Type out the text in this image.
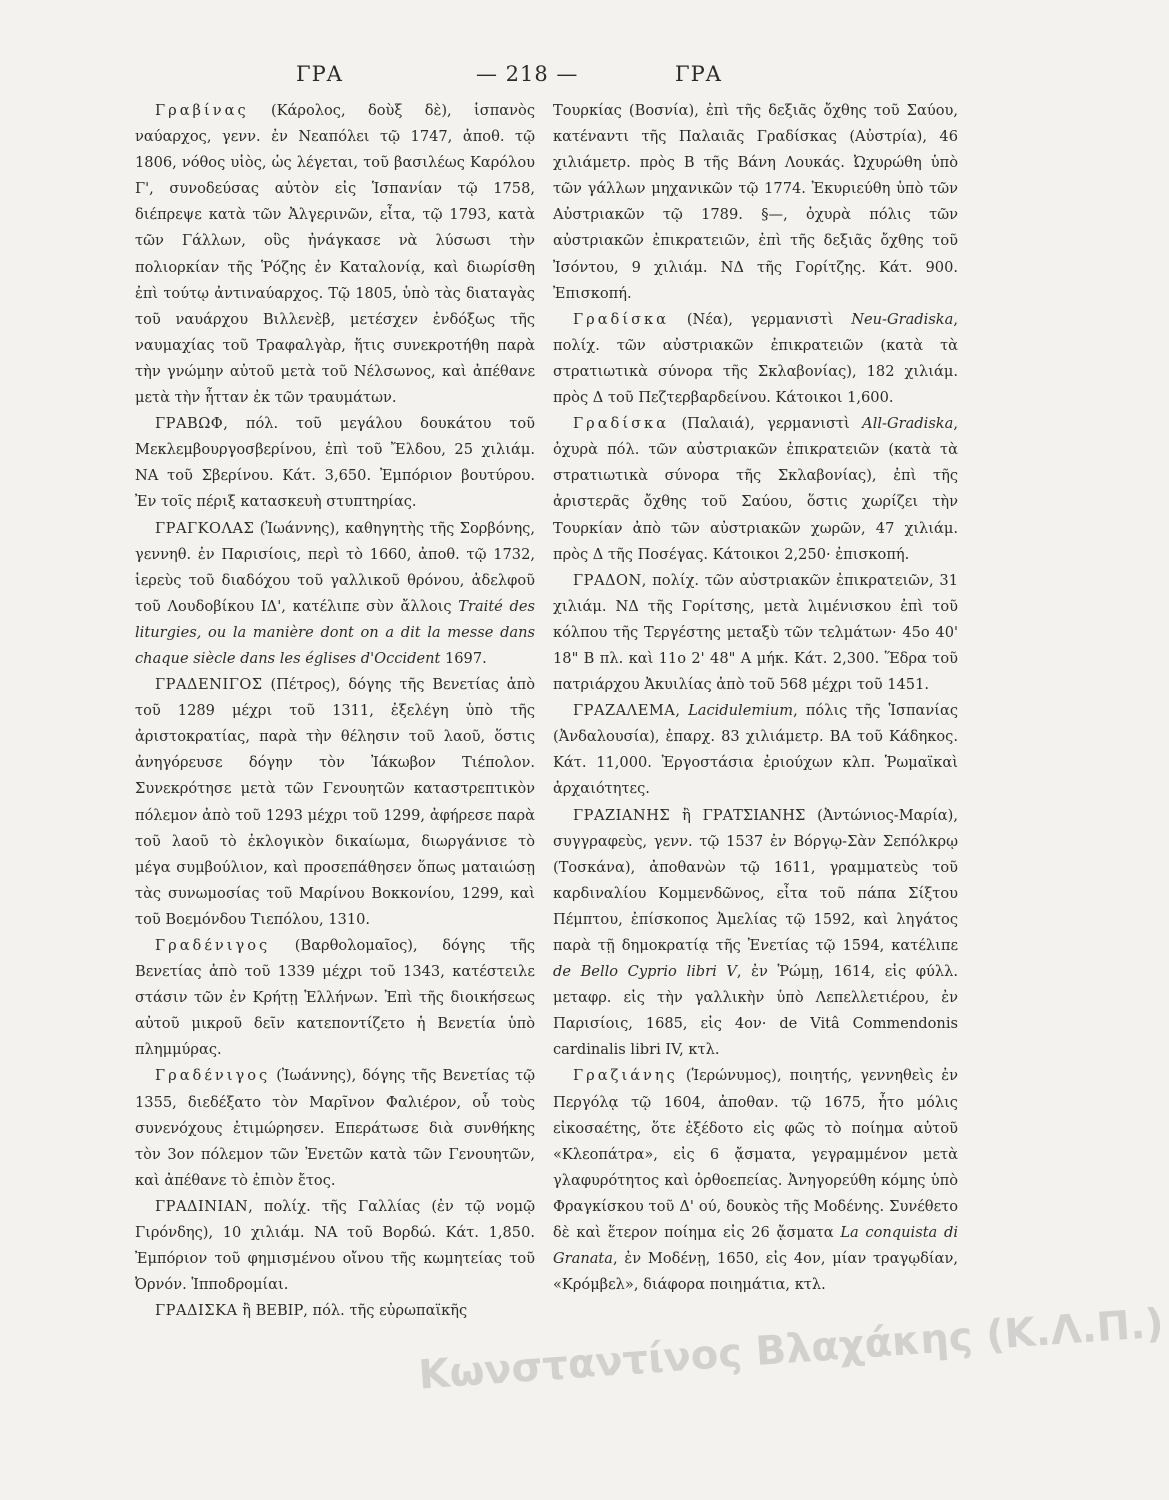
ΓΡΑ	— 218 —	ΓΡΑ

Γραβίνας (Κάρολος, δοὺξ δὲ), ἱσπανὸς ναύαρχος, γενν. ἐν Νεαπόλει τῷ 1747, ἀποθ. τῷ 1806, νόθος υἱὸς, ὡς λέγεται, τοῦ βασιλέως Καρόλου Γ', συνοδεύσας αὐτὸν εἰς Ἱσπανίαν τῷ 1758, διέπρεψε κατὰ τῶν Ἀλγερινῶν, εἶτα, τῷ 1793, κατὰ τῶν Γάλλων, οὓς ἠνάγκασε νὰ λύσωσι τὴν πολιορκίαν τῆς Ῥόζης ἐν Καταλονίᾳ, καὶ διωρίσθη ἐπὶ τούτῳ ἀντιναύαρχος. Τῷ 1805, ὑπὸ τὰς διαταγὰς τοῦ ναυάρχου Βιλλενὲβ, μετέσχεν ἐνδόξως τῆς ναυμαχίας τοῦ Τραφαλγὰρ, ἥτις συνεκροτήθη παρὰ τὴν γνώμην αὐτοῦ μετὰ τοῦ Νέλσωνος, καὶ ἀπέθανε μετὰ τὴν ἧτταν ἐκ τῶν τραυμάτων.

ΓΡΑΒΩΦ, πόλ. τοῦ μεγάλου δουκάτου τοῦ Μεκλεμβουργοσβερίνου, ἐπὶ τοῦ Ἔλδου, 25 χιλιάμ. ΝΑ τοῦ Σβερίνου. Κάτ. 3,650. Ἐμπόριον βουτύρου. Ἐν τοῖς πέριξ κατασκευὴ στυπτηρίας.

ΓΡΑΓΚΟΛΑΣ (Ἰωάννης), καθηγητὴς τῆς Σορβόνης, γεννηθ. ἐν Παρισίοις, περὶ τὸ 1660, ἀποθ. τῷ 1732, ἱερεὺς τοῦ διαδόχου τοῦ γαλλικοῦ θρόνου, ἀδελφοῦ τοῦ Λουδοβίκου ΙΔ', κατέλιπε σὺν ἄλλοις Traité des liturgies, ou la manière dont on a dit la messe dans chaque siècle dans les églises d'Occident 1697.

ΓΡΑΔΕΝΙΓΟΣ (Πέτρος), δόγης τῆς Βενετίας ἀπὸ τοῦ 1289 μέχρι τοῦ 1311, ἐξελέγη ὑπὸ τῆς ἀριστοκρατίας, παρὰ τὴν θέλησιν τοῦ λαοῦ, ὅστις ἀνηγόρευσε δόγην τὸν Ἰάκωβον Τιέπολον. Συνεκρότησε μετὰ τῶν Γενουητῶν καταστρεπτικὸν πόλεμον ἀπὸ τοῦ 1293 μέχρι τοῦ 1299, ἀφήρεσε παρὰ τοῦ λαοῦ τὸ ἐκλογικὸν δικαίωμα, διωργάνισε τὸ μέγα συμβούλιον, καὶ προσεπάθησεν ὅπως ματαιώσῃ τὰς συνωμοσίας τοῦ Μαρίνου Βοκκονίου, 1299, καὶ τοῦ Βοεμόνδου Τιεπόλου, 1310.

Γραδένιγος (Βαρθολομαῖος), δόγης τῆς Βενετίας ἀπὸ τοῦ 1339 μέχρι τοῦ 1343, κατέστειλε στάσιν τῶν ἐν Κρήτῃ Ἑλλήνων. Ἐπὶ τῆς διοικήσεως αὐτοῦ μικροῦ δεῖν κατεποντίζετο ἡ Βενετία ὑπὸ πλημμύρας.

Γραδένιγος (Ἰωάννης), δόγης τῆς Βενετίας τῷ 1355, διεδέξατο τὸν Μαρῖνον Φαλιέρον, οὗ τοὺς συνενόχους ἐτιμώρησεν. Επεράτωσε διὰ συνθήκης τὸν 3ον πόλεμον τῶν Ἐνετῶν κατὰ τῶν Γενουητῶν, καὶ ἀπέθανε τὸ ἐπιὸν ἔτος.

ΓΡΑΔΙΝΙΑΝ, πολίχ. τῆς Γαλλίας (ἐν τῷ νομῷ Γιρόνδης), 10 χιλιάμ. ΝΑ τοῦ Βορδώ. Κάτ. 1,850. Ἐμπόριον τοῦ φημισμένου οἴνου τῆς κωμητείας τοῦ Ὀρνόν. Ἱπποδρομίαι.

ΓΡΑΔΙΣΚΑ ἢ ΒΕΒΙΡ, πόλ. τῆς εὐρωπαϊκῆς

Τουρκίας (Βοσνία), ἐπὶ τῆς δεξιᾶς ὄχθης τοῦ Σαύου, κατέναντι τῆς Παλαιᾶς Γραδίσκας (Αὐστρία), 46 χιλιάμετρ. πρὸς Β τῆς Βάνη Λουκάς. Ὠχυρώθη ὑπὸ τῶν γάλλων μηχανικῶν τῷ 1774. Ἐκυριεύθη ὑπὸ τῶν Αὐστριακῶν τῷ 1789. §—, ὀχυρὰ πόλις τῶν αὐστριακῶν ἐπικρατειῶν, ἐπὶ τῆς δεξιᾶς ὄχθης τοῦ Ἰσόντου, 9 χιλιάμ. ΝΔ τῆς Γορίτζης. Κάτ. 900. Ἐπισκοπή.

Γραδίσκα (Νέα), γερμανιστὶ Neu-Gradiska, πολίχ. τῶν αὐστριακῶν ἐπικρατειῶν (κατὰ τὰ στρατιωτικὰ σύνορα τῆς Σκλαβονίας), 182 χιλιάμ. πρὸς Δ τοῦ Πεζτερβαρδείνου. Κάτοικοι 1,600.

Γραδίσκα (Παλαιά), γερμανιστὶ All-Gradiska, ὀχυρὰ πόλ. τῶν αὐστριακῶν ἐπικρατειῶν (κατὰ τὰ στρατιωτικὰ σύνορα τῆς Σκλαβονίας), ἐπὶ τῆς ἀριστερᾶς ὄχθης τοῦ Σαύου, ὅστις χωρίζει τὴν Τουρκίαν ἀπὸ τῶν αὐστριακῶν χωρῶν, 47 χιλιάμ. πρὸς Δ τῆς Ποσέγας. Κάτοικοι 2,250· ἐπισκοπή.

ΓΡΑΔΟΝ, πολίχ. τῶν αὐστριακῶν ἐπικρατειῶν, 31 χιλιάμ. ΝΔ τῆς Γορίτσης, μετὰ λιμένισκου ἐπὶ τοῦ κόλπου τῆς Τεργέστης μεταξὺ τῶν τελμάτων· 45ο 40' 18" Β πλ. καὶ 11ο 2' 48" Α μήκ. Κάτ. 2,300. Ἕδρα τοῦ πατριάρχου Ἀκυιλίας ἀπὸ τοῦ 568 μέχρι τοῦ 1451.

ΓΡΑΖΑΛΕΜΑ, Lacidulemium, πόλις τῆς Ἱσπανίας (Ἀνδαλουσία), ἐπαρχ. 83 χιλιάμετρ. ΒΑ τοῦ Κάδηκος. Κάτ. 11,000. Ἐργοστάσια ἐριούχων κλπ. Ῥωμαϊκαὶ ἀρχαιότητες.

ΓΡΑΖΙΑΝΗΣ ἢ ΓΡΑΤΣΙΑΝΗΣ (Ἀντώνιος-Μαρία), συγγραφεὺς, γενν. τῷ 1537 ἐν Βόργῳ-Σὰν Σεπόλκρῳ (Τοσκάνα), ἀποθανὼν τῷ 1611, γραμματεὺς τοῦ καρδιναλίου Κομμενδῶνος, εἶτα τοῦ πάπα Σίξτου Πέμπτου, ἐπίσκοπος Ἀμελίας τῷ 1592, καὶ ληγάτος παρὰ τῇ δημοκρατίᾳ τῆς Ἐνετίας τῷ 1594, κατέλιπε de Bello Cyprio libri V, ἐν Ῥώμῃ, 1614, εἰς φύλλ. μεταφρ. εἰς τὴν γαλλικὴν ὑπὸ Λεπελλετιέρου, ἐν Παρισίοις, 1685, εἰς 4ον· de Vitâ Commendonis cardinalis libri IV, κτλ.

Γραζιάνης (Ἱερώνυμος), ποιητής, γεννηθεὶς ἐν Περγόλᾳ τῷ 1604, ἀποθαν. τῷ 1675, ἦτο μόλις εἰκοσαέτης, ὅτε ἐξέδοτο εἰς φῶς τὸ ποίημα αὐτοῦ «Κλεοπάτρα», εἰς 6 ᾄσματα, γεγραμμένον μετὰ γλαφυρότητος καὶ ὀρθοεπείας. Ἀνηγορεύθη κόμης ὑπὸ Φραγκίσκου τοῦ Δ' ού, δουκὸς τῆς Μοδένης. Συνέθετο δὲ καὶ ἕτερον ποίημα εἰς 26 ᾄσματα La conquista di Granata, ἐν Μοδένῃ, 1650, εἰς 4ον, μίαν τραγῳδίαν, «Κρόμβελ», διάφορα ποιημάτια, κτλ.

Κωνσταντίνος Βλαχάκης (Κ.Λ.Π.)
